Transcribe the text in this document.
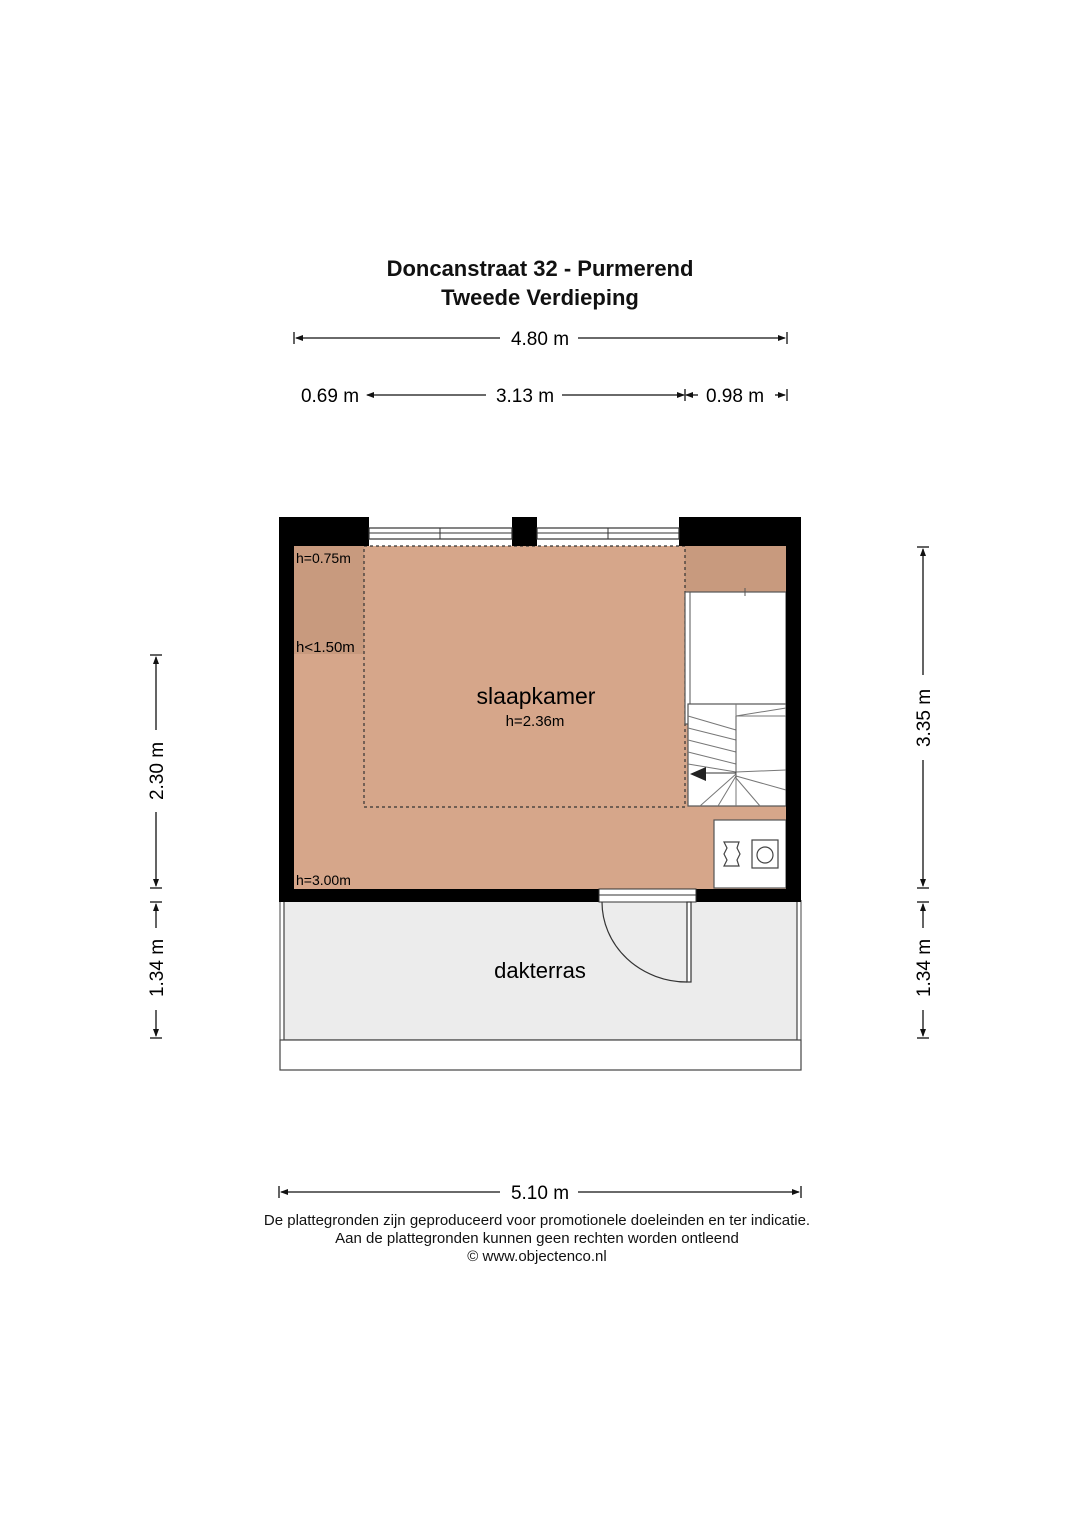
Doncanstraat 32 - Purmerend
Tweede Verdieping
4.80 m
0.69 m	3.13 m	0.98 m
2.30 m
1.34 m
3.35 m
1.34 m
5.10 m
dakterras
slaapkamer
h=2.36m
h=0.75m
h<1.50m
h=3.00m
De plattegronden zijn geproduceerd voor promotionele doeleinden en ter indicatie.
Aan de plattegronden kunnen geen rechten worden ontleend
© www.objectenco.nl
